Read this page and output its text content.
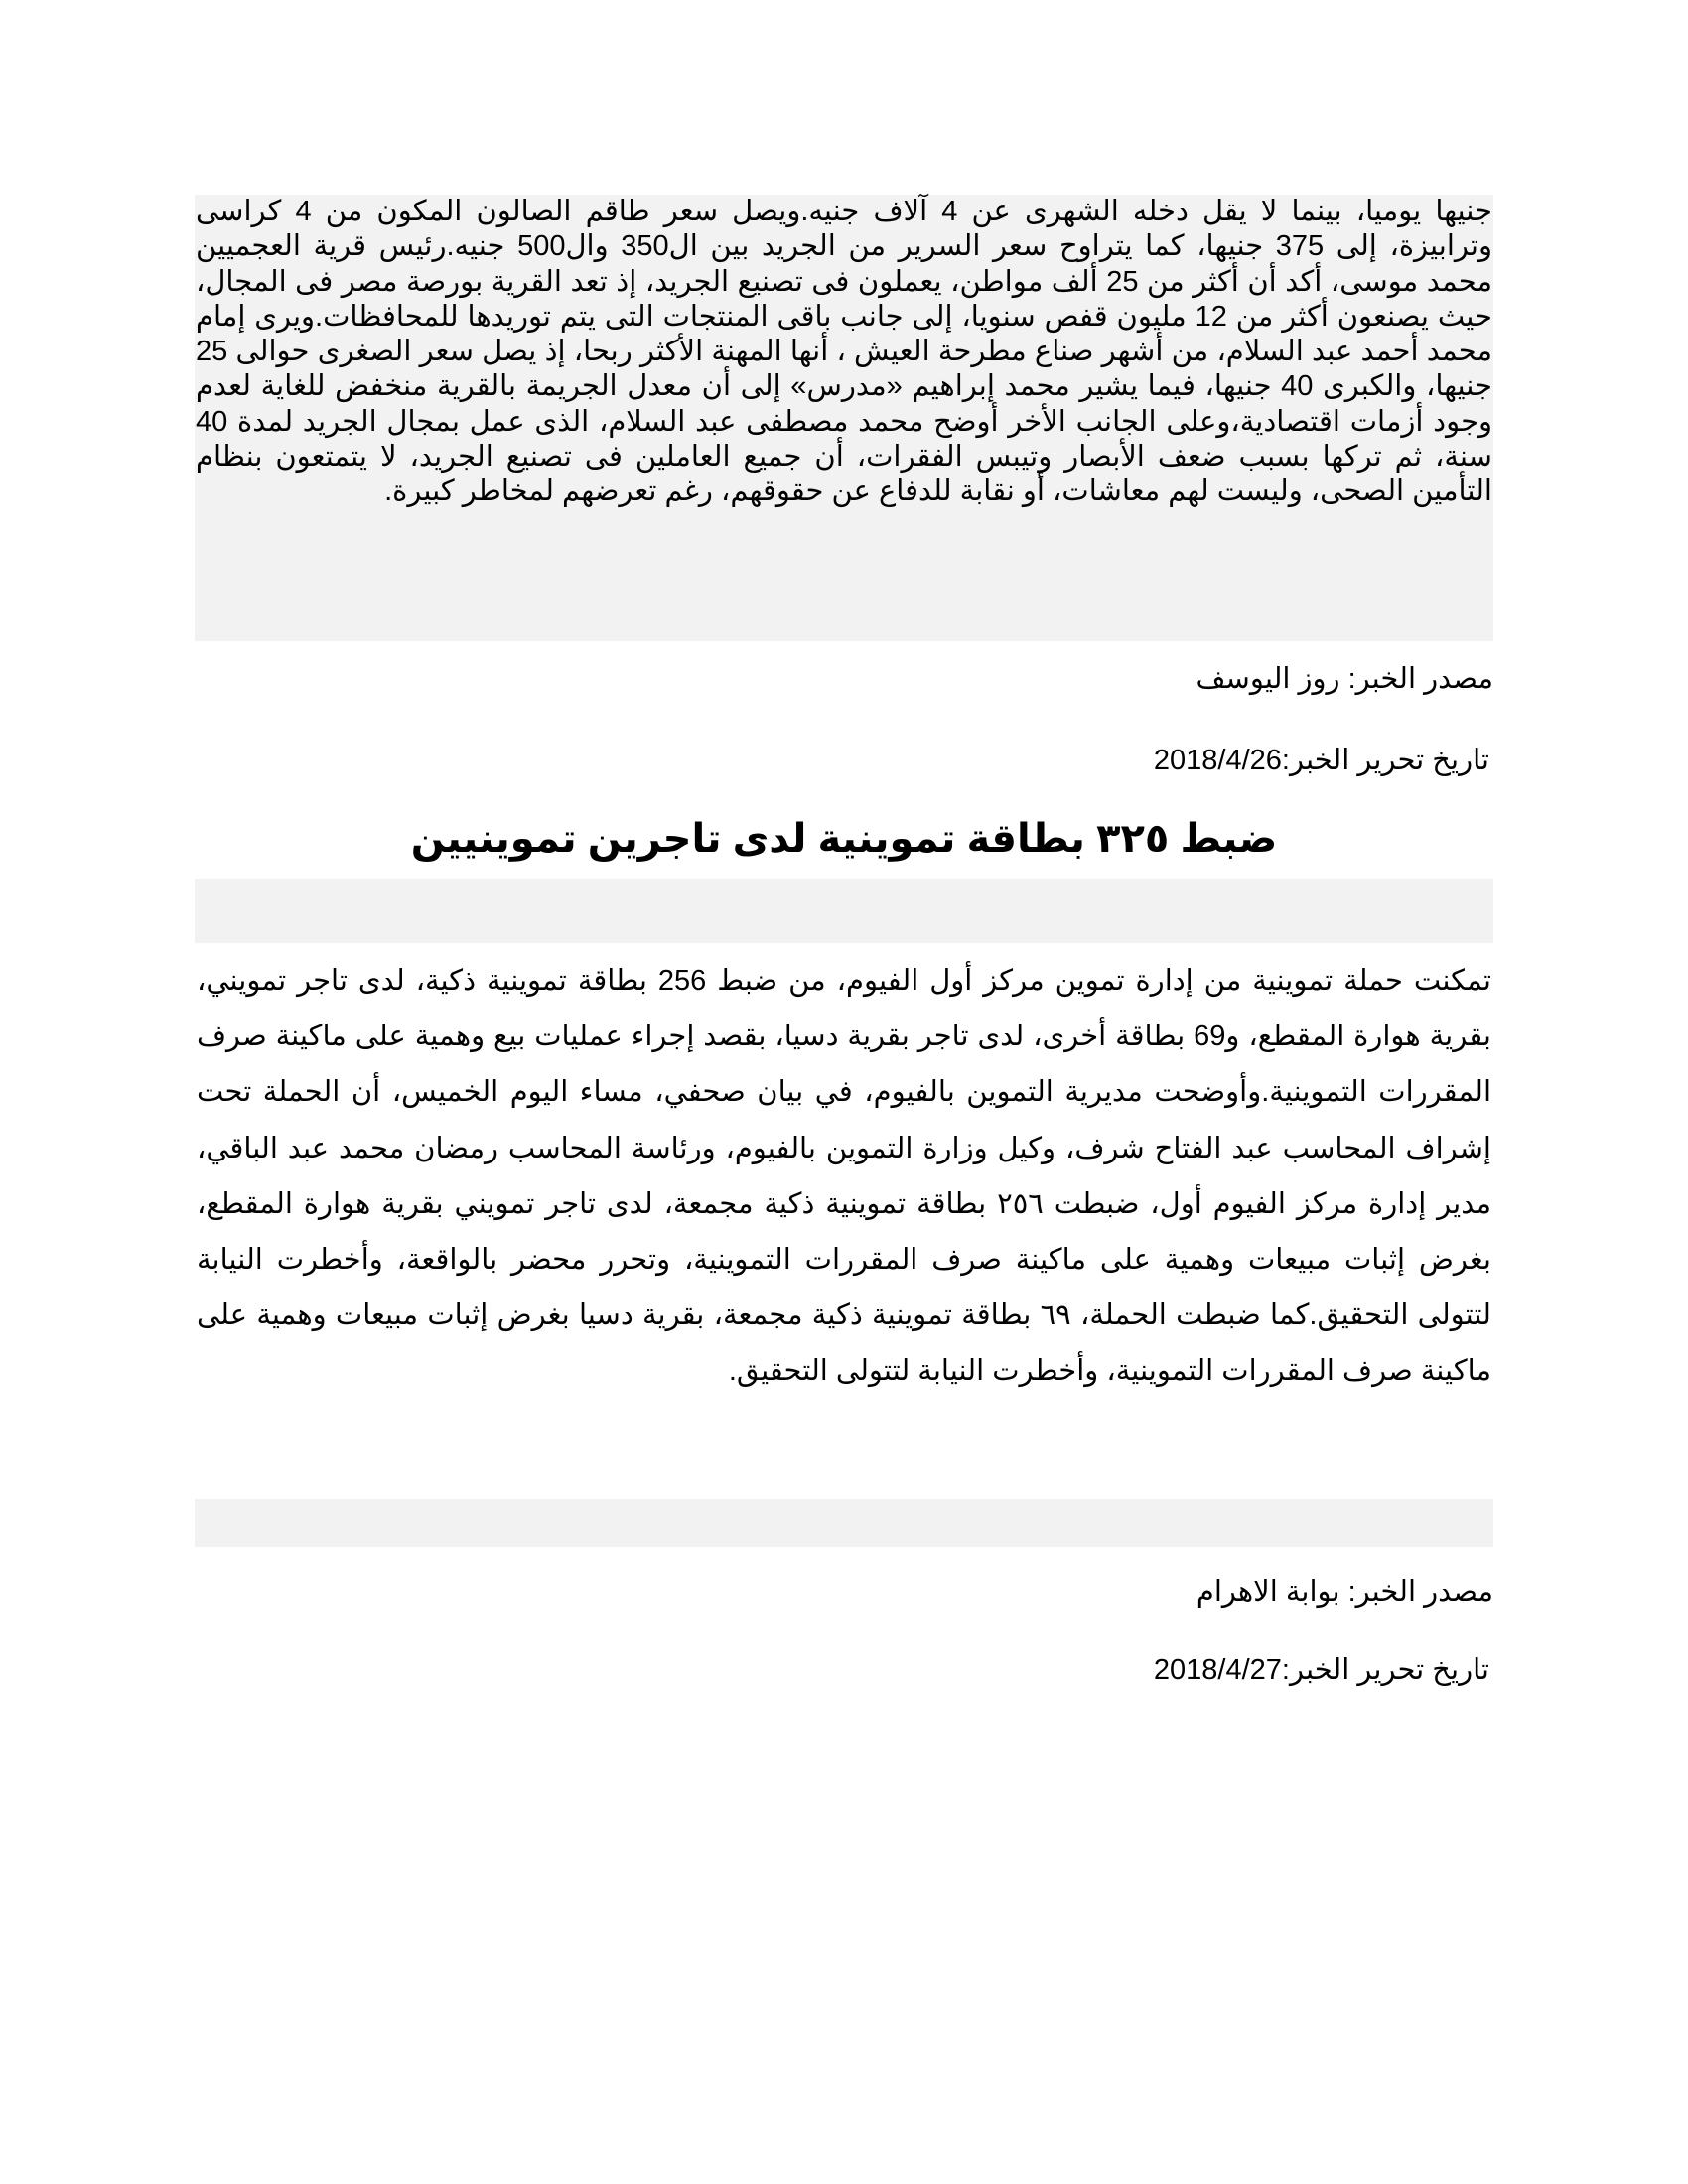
جنيها يوميا، بينما لا يقل دخله الشهرى عن 4 آلاف جنيه.ويصل سعر طاقم الصالون المكون من 4 كراسى وترابيزة، إلى 375 جنيها، كما يتراوح سعر السرير من الجريد بين ال350 وال500 جنيه.رئيس قرية العجميين محمد موسى، أكد أن أكثر من 25 ألف مواطن، يعملون فى تصنيع الجريد، إذ تعد القرية بورصة مصر فى المجال، حيث يصنعون أكثر من 12 مليون قفص سنويا، إلى جانب باقى المنتجات التى يتم توريدها للمحافظات.ويرى إمام محمد أحمد عبد السلام، من أشهر صناع مطرحة العيش ، أنها المهنة الأكثر ربحا، إذ يصل سعر الصغرى حوالى 25 جنيها، والكبرى 40 جنيها، فيما يشير محمد إبراهيم «مدرس» إلى أن معدل الجريمة بالقرية منخفض للغاية لعدم وجود أزمات اقتصادية،وعلى الجانب الأخر أوضح محمد مصطفى عبد السلام، الذى عمل بمجال الجريد لمدة 40 سنة، ثم تركها بسبب ضعف الأبصار وتيبس الفقرات، أن جميع العاملين فى تصنيع الجريد، لا يتمتعون بنظام التأمين الصحى، وليست لهم معاشات، أو نقابة للدفاع عن حقوقهم، رغم تعرضهم لمخاطر كبيرة.
مصدر الخبر: روز اليوسف
تاريخ تحرير الخبر:2018/4/26
ضبط ٣٢٥ بطاقة تموينية لدى تاجرين تموينيين
تمكنت حملة تموينية من إدارة تموين مركز أول الفيوم، من ضبط 256 بطاقة تموينية ذكية، لدى تاجر تمويني، بقرية هوارة المقطع، و69 بطاقة أخرى، لدى تاجر بقرية دسيا، بقصد إجراء عمليات بيع وهمية على ماكينة صرف المقررات التموينية.وأوضحت مديرية التموين بالفيوم، في بيان صحفي، مساء اليوم الخميس، أن الحملة تحت إشراف المحاسب عبد الفتاح شرف، وكيل وزارة التموين بالفيوم، ورئاسة المحاسب رمضان محمد عبد الباقي، مدير إدارة مركز الفيوم أول، ضبطت ٢٥٦ بطاقة تموينية ذكية مجمعة، لدى تاجر تمويني بقرية هوارة المقطع، بغرض إثبات مبيعات وهمية على ماكينة صرف المقررات التموينية، وتحرر محضر بالواقعة، وأخطرت النيابة لتتولى التحقيق.كما ضبطت الحملة، ٦٩ بطاقة تموينية ذكية مجمعة، بقرية دسيا بغرض إثبات مبيعات وهمية على ماكينة صرف المقررات التموينية، وأخطرت النيابة لتتولى التحقيق.
مصدر الخبر: بوابة الاهرام
تاريخ تحرير الخبر:2018/4/27
